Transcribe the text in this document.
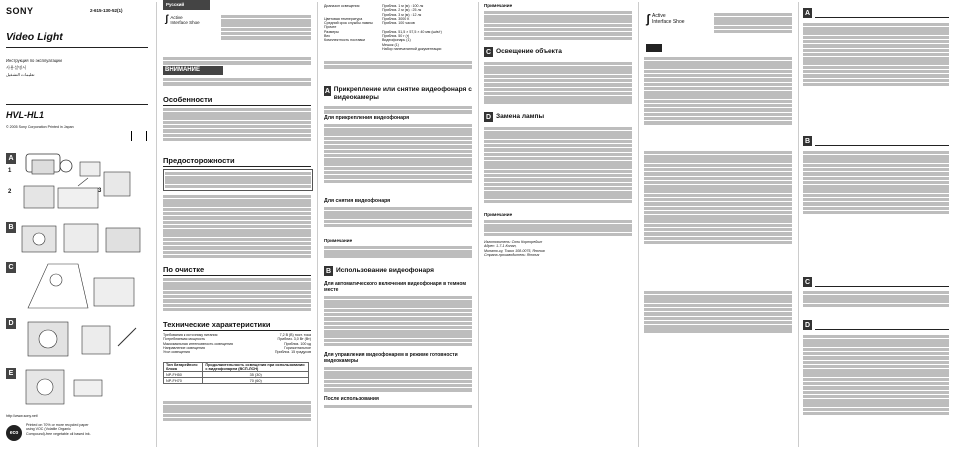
SONY	2-615-130-52(1)
Video Light
Инструкция по эксплуатации
사용설명서
تعليمات التشغيل
HVL-HL1
© 2005 Sony Corporation Printed in Japan
A
1
2	3
B
C
D
E
http://www.sony.net/
eco
Printed on 70% or more recycled paper
using VOC (Volatile Organic
Compound)-free vegetable oil based ink.
Русский
ʃ Active
Interface Shoe
ВНИМАНИЕ
Особенности
Предосторожности
По очистке
Технические характеристики
Требования к источнику питания	7,2 В (В) пост. тока
Потребляемая мощность	Приблиз. 3,0 Вт (Вт)
Максимальная интенсивность освещения	Приблиз. 100 кд
Направление освещения	Горизонтальное
Угол освещения	Приблиз. 15 градусов
Тип батарейного блока	Продолжительность освещения при использовании с видеофонарем (ВСП-ЛСН)
NP-FH50	35 (30)
NP-FH70	70 (60)
Диапазон освещения	Приблиз. 1 м (м) : 100 лк
Приблиз. 2 м (м) : 25 лк
Приблиз. 3 м (м) : 12 лк
Цветовая температура	Приблиз. 3000 К
Средний срок службы лампы	Приблиз. 100 часов
Прочее
Размеры	Приблиз. 51,5 × 57,5 × 40 мм (ш/в/г)
Вес	Приблиз. 50 г (г)
Комплектность поставки	Видеофонарь (1)
Мешок (1)
Набор напечатанной документации
A Прикрепление или снятие видеофонаря с видеокамеры
Для прикрепления видеофонаря
Для снятия видеофонаря
Примечание
B Использование видеофонаря
Для автоматического включения видеофонаря в темном месте
Для управления видеофонарем в режиме готовности видеокамеры
После использования
Примечание
C Освещение объекта
D Замена лампы
Примечание
Изготовитель: Сони Корпорейшн
Адрес: 1-7-1 Конан,
Минато-ку, Токио 108-0075, Япония
Страна-производитель: Япония
ʃ Active
Interface Shoe
A
B
C
D
